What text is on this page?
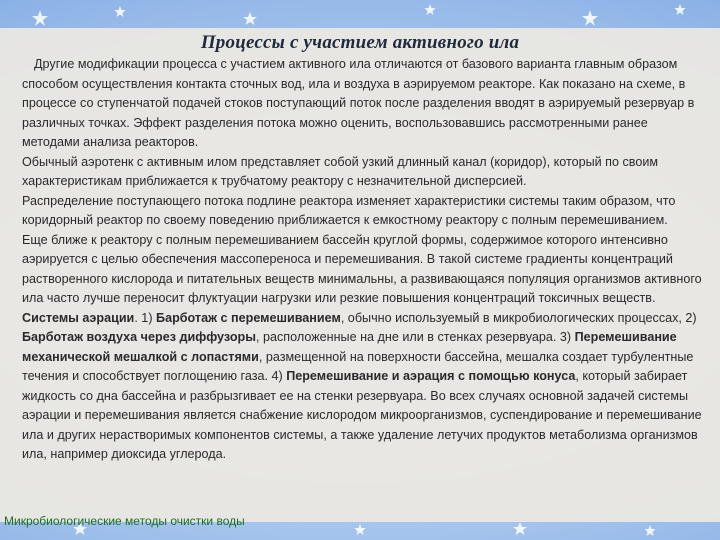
Процессы с участием активного ила

Другие модификации процесса с участием активного ила отличаются от базового варианта главным образом способом осуществления контакта сточных вод, ила и воздуха в аэрируемом реакторе. Как показано на схеме, в процессе со ступенчатой подачей стоков поступающий поток после разделения вводят в аэрируемый резервуар в различных точках. Эффект разделения потока можно оценить, воспользовавшись рассмотренными ранее методами анализа реакторов.

Обычный аэротенк с активным илом представляет собой узкий длинный канал (коридор), который по своим характеристикам приближается к трубчатому реактору с незначительной дисперсией.

Распределение поступающего потока подлине реактора изменяет характеристики системы таким образом, что коридорный реактор по своему поведению приближается к емкостному реактору с полным перемешиванием.

Еще ближе к реактору с полным перемешиванием бассейн круглой формы, содержимое которого интенсивно аэрируется с целью обеспечения массопереноса и перемешивания. В такой системе градиенты концентраций растворенного кислорода и питательных веществ минимальны, а развивающаяся популяция организмов активного ила часто лучше переносит флуктуации нагрузки или резкие повышения концентраций токсичных веществ.

Системы аэрации. 1) Барботаж с перемешиванием, обычно используемый в микробиологических процессах, 2) Барботаж воздуха через диффузоры, расположенные на дне или в стенках резервуара. 3) Перемешивание механической мешалкой с лопастями, размещенной на поверхности бассейна, мешалка создает турбулентные течения и способствует поглощению газа. 4) Перемешивание и аэрация с помощью конуса, который забирает жидкость со дна бассейна и разбрызгивает ее на стенки резервуара. Во всех случаях основной задачей системы аэрации и перемешивания является снабжение кислородом микроорганизмов, суспендирование и перемешивание ила и других нерастворимых компонентов системы, а также удаление летучих продуктов метаболизма организмов ила, например диоксида углерода.

Микробиологические методы очистки воды
